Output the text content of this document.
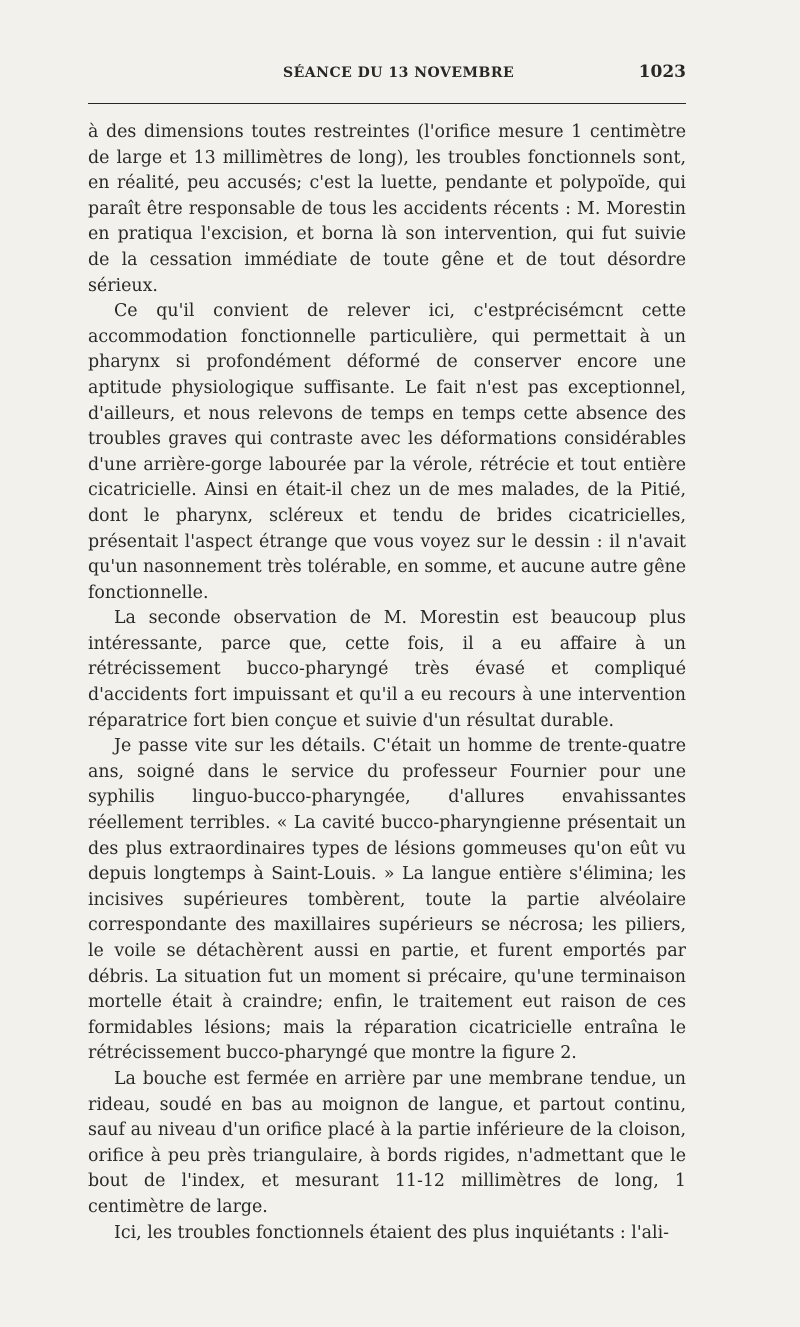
SÉANCE DU 13 NOVEMBRE	1023

à des dimensions toutes restreintes (l'orifice mesure 1 centimètre de large et 13 millimètres de long), les troubles fonctionnels sont, en réalité, peu accusés; c'est la luette, pendante et polypoïde, qui paraît être responsable de tous les accidents récents : M. Morestin en pratiqua l'excision, et borna là son intervention, qui fut suivie de la cessation immédiate de toute gêne et de tout désordre sérieux.

Ce qu'il convient de relever ici, c'estprécisémcnt cette accommodation fonctionnelle particulière, qui permettait à un pharynx si profondément déformé de conserver encore une aptitude physiologique suffisante. Le fait n'est pas exceptionnel, d'ailleurs, et nous relevons de temps en temps cette absence des troubles graves qui contraste avec les déformations considérables d'une arrière-gorge labourée par la vérole, rétrécie et tout entière cicatricielle. Ainsi en était-il chez un de mes malades, de la Pitié, dont le pharynx, scléreux et tendu de brides cicatricielles, présentait l'aspect étrange que vous voyez sur le dessin : il n'avait qu'un nasonnement très tolérable, en somme, et aucune autre gêne fonctionnelle.

La seconde observation de M. Morestin est beaucoup plus intéressante, parce que, cette fois, il a eu affaire à un rétrécissement bucco-pharyngé très évasé et compliqué d'accidents fort impuissant et qu'il a eu recours à une intervention réparatrice fort bien conçue et suivie d'un résultat durable.

Je passe vite sur les détails. C'était un homme de trente-quatre ans, soigné dans le service du professeur Fournier pour une syphilis linguo-bucco-pharyngée, d'allures envahissantes réellement terribles. « La cavité bucco-pharyngienne présentait un des plus extraordinaires types de lésions gommeuses qu'on eût vu depuis longtemps à Saint-Louis. » La langue entière s'élimina; les incisives supérieures tombèrent, toute la partie alvéolaire correspondante des maxillaires supérieurs se nécrosa; les piliers, le voile se détachèrent aussi en partie, et furent emportés par débris. La situation fut un moment si précaire, qu'une terminaison mortelle était à craindre; enfin, le traitement eut raison de ces formidables lésions; mais la réparation cicatricielle entraîna le rétrécissement bucco-pharyngé que montre la figure 2.

La bouche est fermée en arrière par une membrane tendue, un rideau, soudé en bas au moignon de langue, et partout continu, sauf au niveau d'un orifice placé à la partie inférieure de la cloison, orifice à peu près triangulaire, à bords rigides, n'admettant que le bout de l'index, et mesurant 11-12 millimètres de long, 1 centimètre de large.

Ici, les troubles fonctionnels étaient des plus inquiétants : l'ali-
